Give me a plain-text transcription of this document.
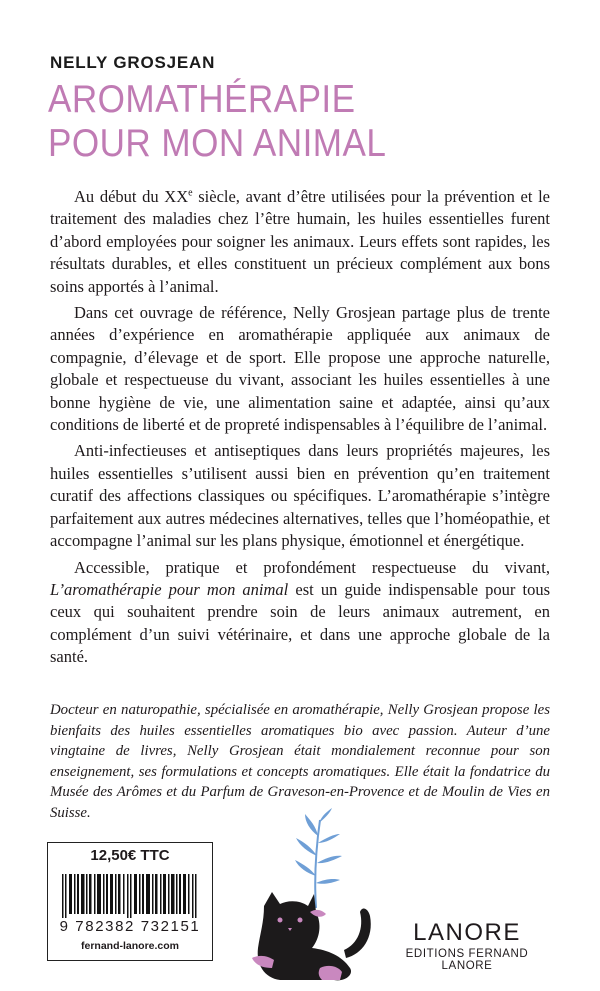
NELLY GROSJEAN

AROMATHÉRAPIE
POUR MON ANIMAL

Au début du XXe siècle, avant d’être utilisées pour la prévention et le traitement des maladies chez l’être humain, les huiles essentielles furent d’abord employées pour soigner les animaux. Leurs effets sont rapides, les résultats durables, et elles constituent un précieux complément aux bons soins apportés à l’animal.

Dans cet ouvrage de référence, Nelly Grosjean partage plus de trente années d’expérience en aromathérapie appliquée aux animaux de compagnie, d’élevage et de sport. Elle propose une approche naturelle, globale et respectueuse du vivant, associant les huiles essentielles à une bonne hygiène de vie, une alimentation saine et adaptée, ainsi qu’aux conditions de liberté et de propreté indispensables à l’équilibre de l’animal.

Anti-infectieuses et antiseptiques dans leurs propriétés majeures, les huiles essentielles s’utilisent aussi bien en prévention qu’en traitement curatif des affections classiques ou spécifiques. L’aromathérapie s’intègre parfaitement aux autres médecines alternatives, telles que l’homéopathie, et accompagne l’animal sur les plans physique, émotionnel et énergétique.

Accessible, pratique et profondément respectueuse du vivant, L’aromathérapie pour mon animal est un guide indispensable pour tous ceux qui souhaitent prendre soin de leurs animaux autrement, en complément d’un suivi vétérinaire, et dans une approche globale de la santé.

Docteur en naturopathie, spécialisée en aromathérapie, Nelly Grosjean propose les bienfaits des huiles essentielles aromatiques bio avec passion. Auteur d’une vingtaine de livres, Nelly Grosjean était mondialement reconnue pour son enseignement, ses formulations et concepts aromatiques. Elle était la fondatrice du Musée des Arômes et du Parfum de Graveson-en-Provence et de Moulin de Vies en Suisse.

12,50€ TTC
9 782382 732151
fernand-lanore.com	LANORE
EDITIONS FERNAND LANORE
